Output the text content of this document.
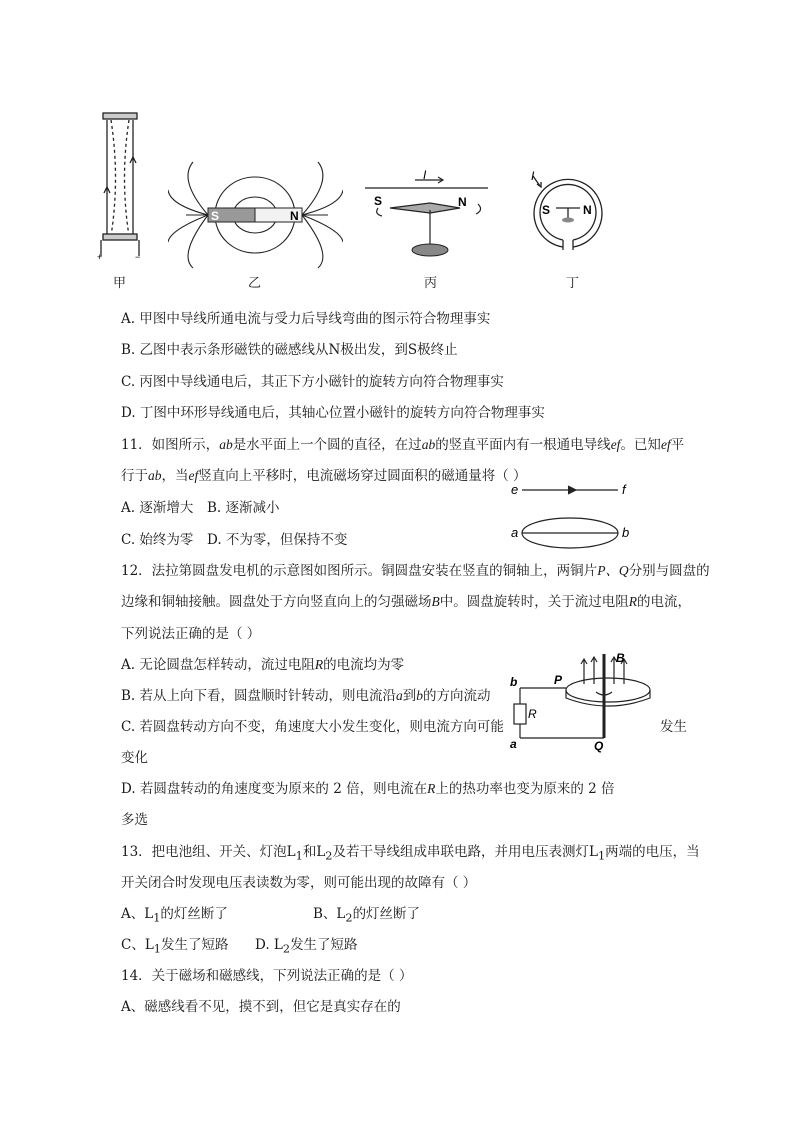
+	−
S	N
I
S	N
I
S	N
甲	乙	丙	丁
A. 甲图中导线所通电流与受力后导线弯曲的图示符合物理事实
B. 乙图中表示条形磁铁的磁感线从N极出发，到S极终止
C. 丙图中导线通电后，其正下方小磁针的旋转方向符合物理事实
D. 丁图中环形导线通电后，其轴心位置小磁针的旋转方向符合物理事实
11．如图所示，ab是水平面上一个圆的直径，在过ab的竖直平面内有一根通电导线ef。已知ef平
行于ab，当ef竖直向上平移时，电流磁场穿过圆面积的磁通量将（ ）
A. 逐渐增大 B. 逐渐减小
C. 始终为零 D. 不为零，但保持不变
e	f
a	b
12．法拉第圆盘发电机的示意图如图所示。铜圆盘安装在竖直的铜轴上，两铜片P、Q分别与圆盘的
边缘和铜轴接触。圆盘处于方向竖直向上的匀强磁场B中。圆盘旋转时，关于流过电阻R的电流，
下列说法正确的是（ ）
A. 无论圆盘怎样转动，流过电阻R的电流均为零
B. 若从上向下看，圆盘顺时针转动，则电流沿a到b的方向流动
C. 若圆盘转动方向不变，角速度大小发生变化，则电流方向可能	发生
变化
D. 若圆盘转动的角速度变为原来的 2 倍，则电流在R上的热功率也变为原来的 2 倍
b
a
R
P
Q
B
多选
13．把电池组、开关、灯泡$L_1$和$L_2$及若干导线组成串联电路，并用电压表测灯$L_1$两端的电压，当
开关闭合时发现电压表读数为零，则可能出现的故障有（ ）
A、$L_1$的灯丝断了	B、$L_2$的灯丝断了
C、$L_1$发生了短路 D. $L_2$发生了短路
14．关于磁场和磁感线，下列说法正确的是（ ）
A、磁感线看不见，摸不到，但它是真实存在的
